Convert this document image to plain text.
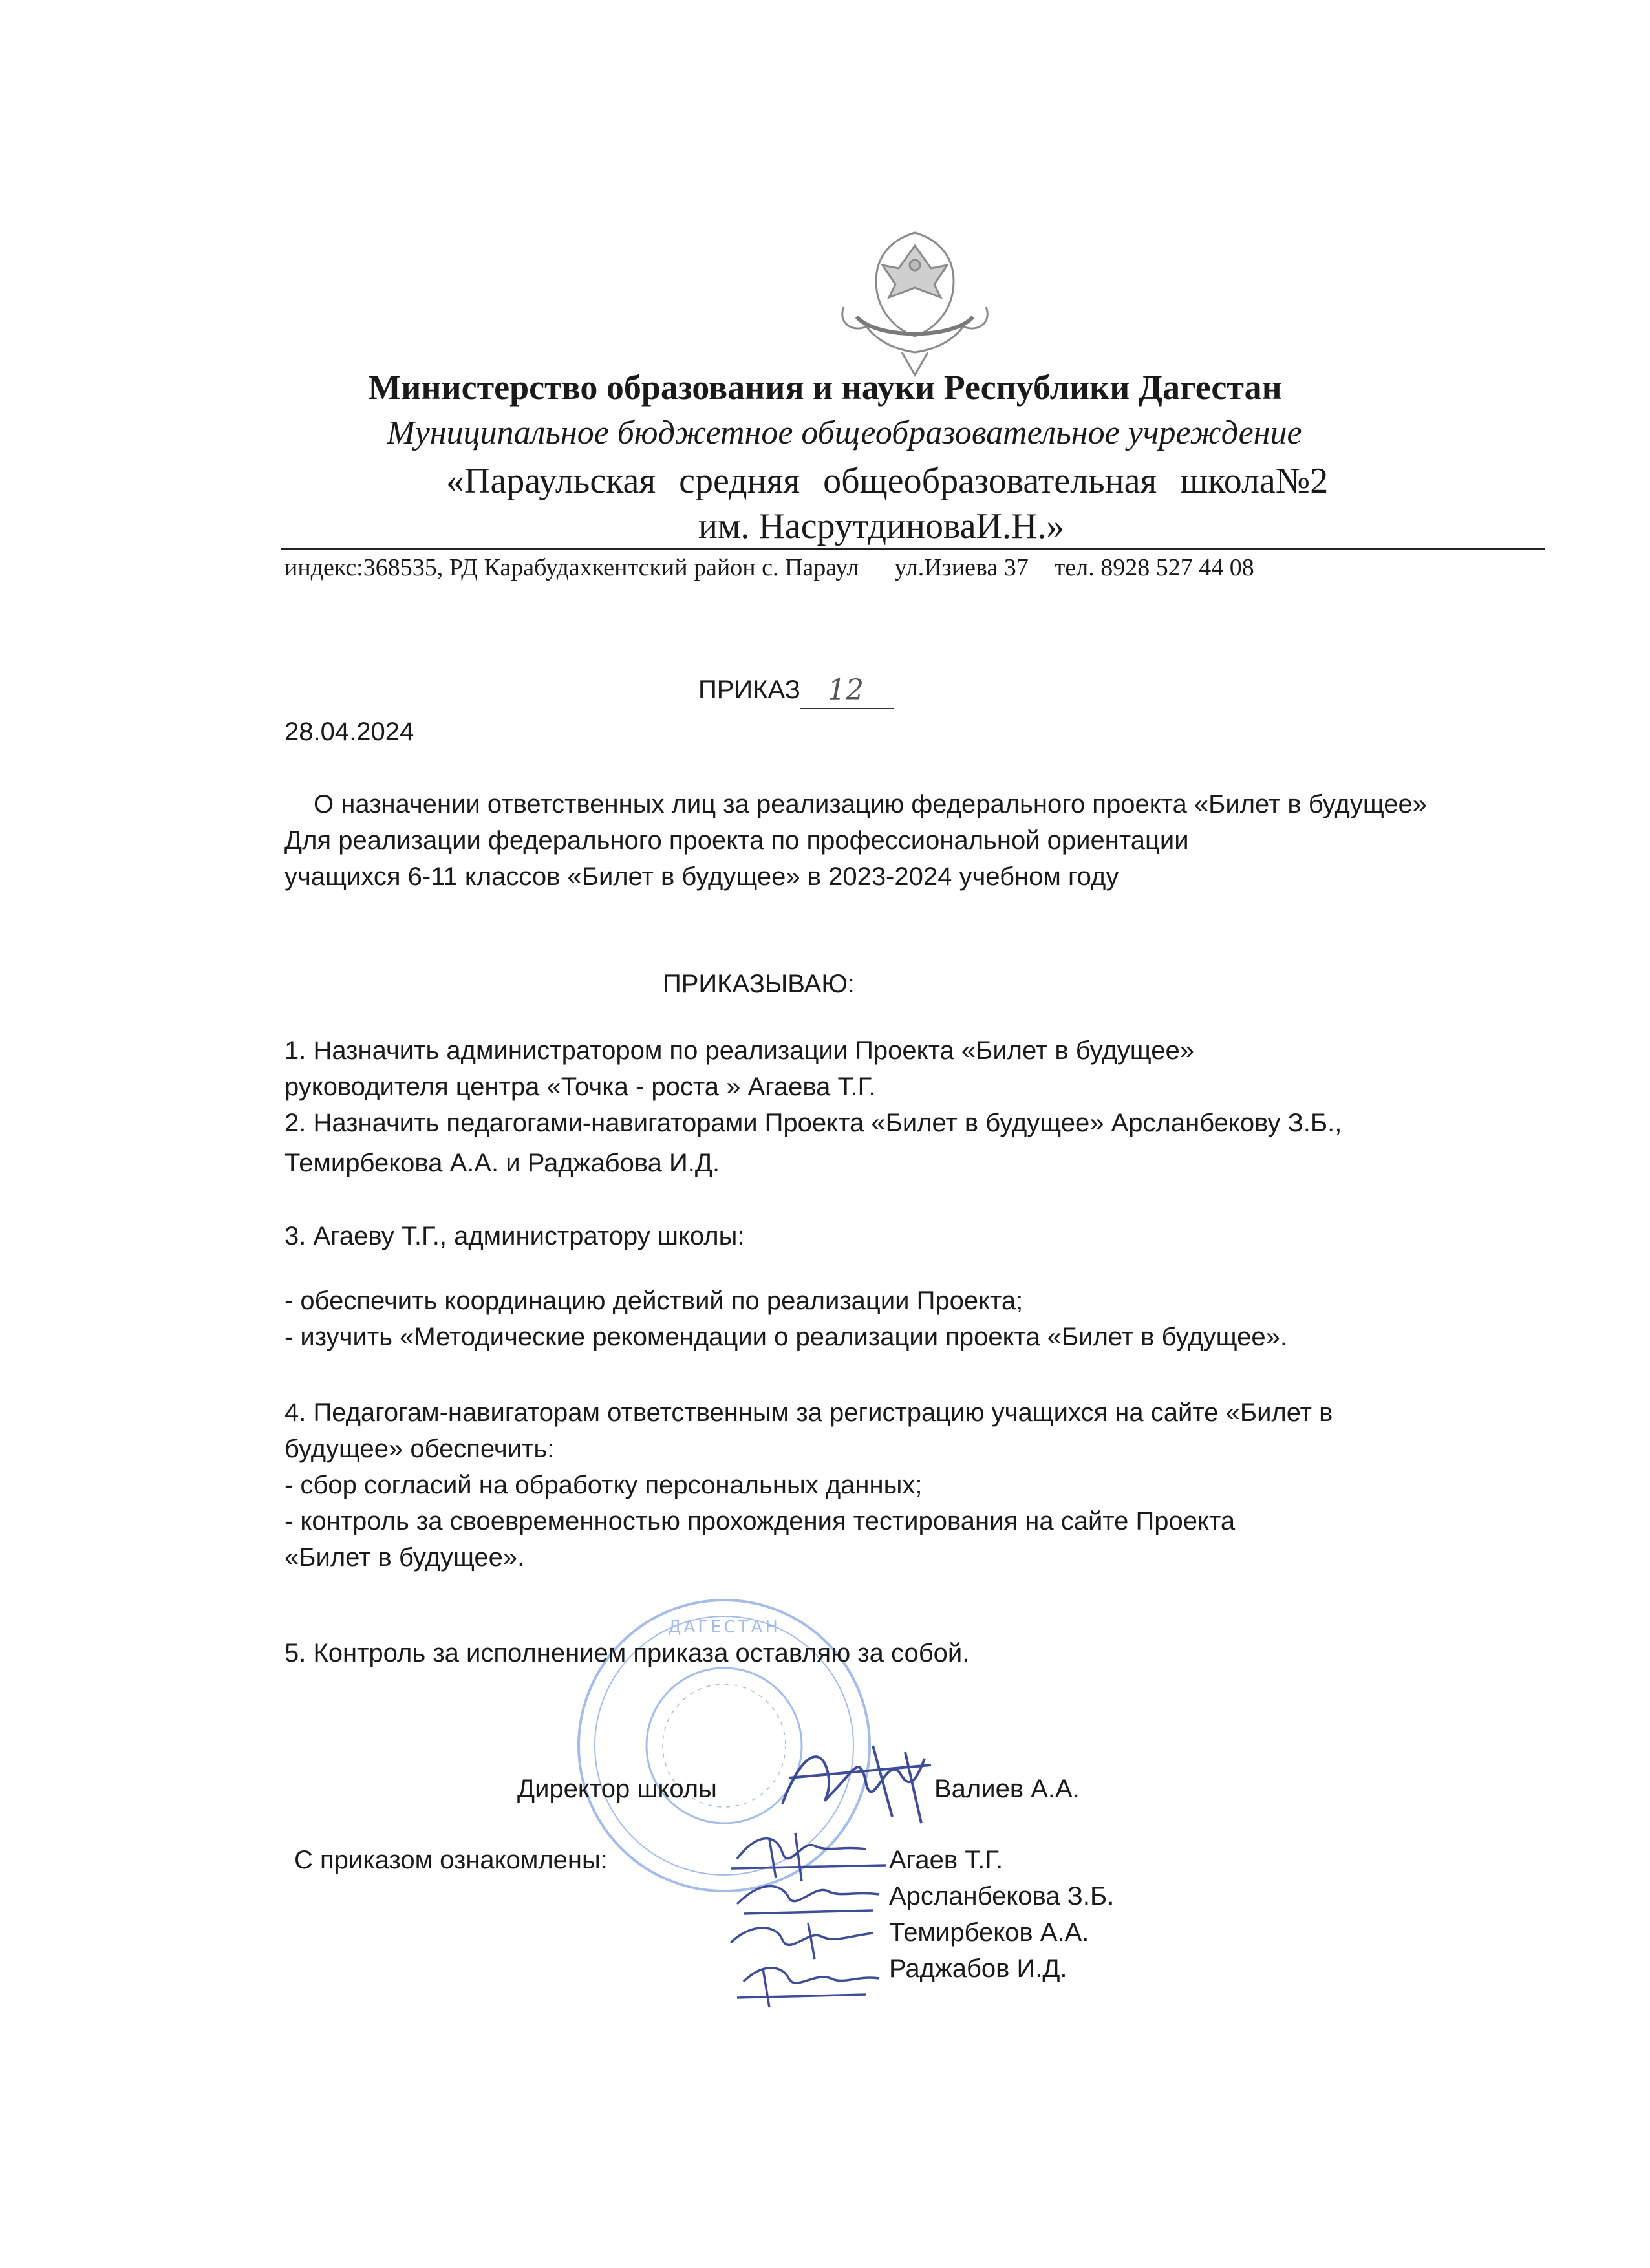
Министерство образования и науки Республики Дагестан
Муниципальное бюджетное общеобразовательное учреждение
«Параульская средняя общеобразовательная школа№2
им. НасрутдиноваИ.Н.»
индекс:368535, РД Карабудахкентский район с. Параул ул.Изиева 37 тел. 8928 527 44 08
ПРИКАЗ 12
28.04.2024
О назначении ответственных лиц за реализацию федерального проекта «Билет в будущее»
Для реализации федерального проекта по профессиональной ориентации
учащихся 6-11 классов «Билет в будущее» в 2023-2024 учебном году
ПРИКАЗЫВАЮ:
1. Назначить администратором по реализации Проекта «Билет в будущее»
руководителя центра «Точка - роста » Агаева Т.Г.
2. Назначить педагогами-навигаторами Проекта «Билет в будущее» Арсланбекову З.Б.,
Темирбекова А.А. и Раджабова И.Д.
3. Агаеву Т.Г., администратору школы:
- обеспечить координацию действий по реализации Проекта;
- изучить «Методические рекомендации о реализации проекта «Билет в будущее».
4. Педагогам-навигаторам ответственным за регистрацию учащихся на сайте «Билет в
будущее» обеспечить:
- сбор согласий на обработку персональных данных;
- контроль за своевременностью прохождения тестирования на сайте Проекта
«Билет в будущее».
ДАГЕСТАН
5. Контроль за исполнением приказа оставляю за собой.
Директор школы	Валиев А.А.
С приказом ознакомлены:	Агаев Т.Г.
Арсланбекова З.Б.
Темирбеков А.А.
Раджабов И.Д.
